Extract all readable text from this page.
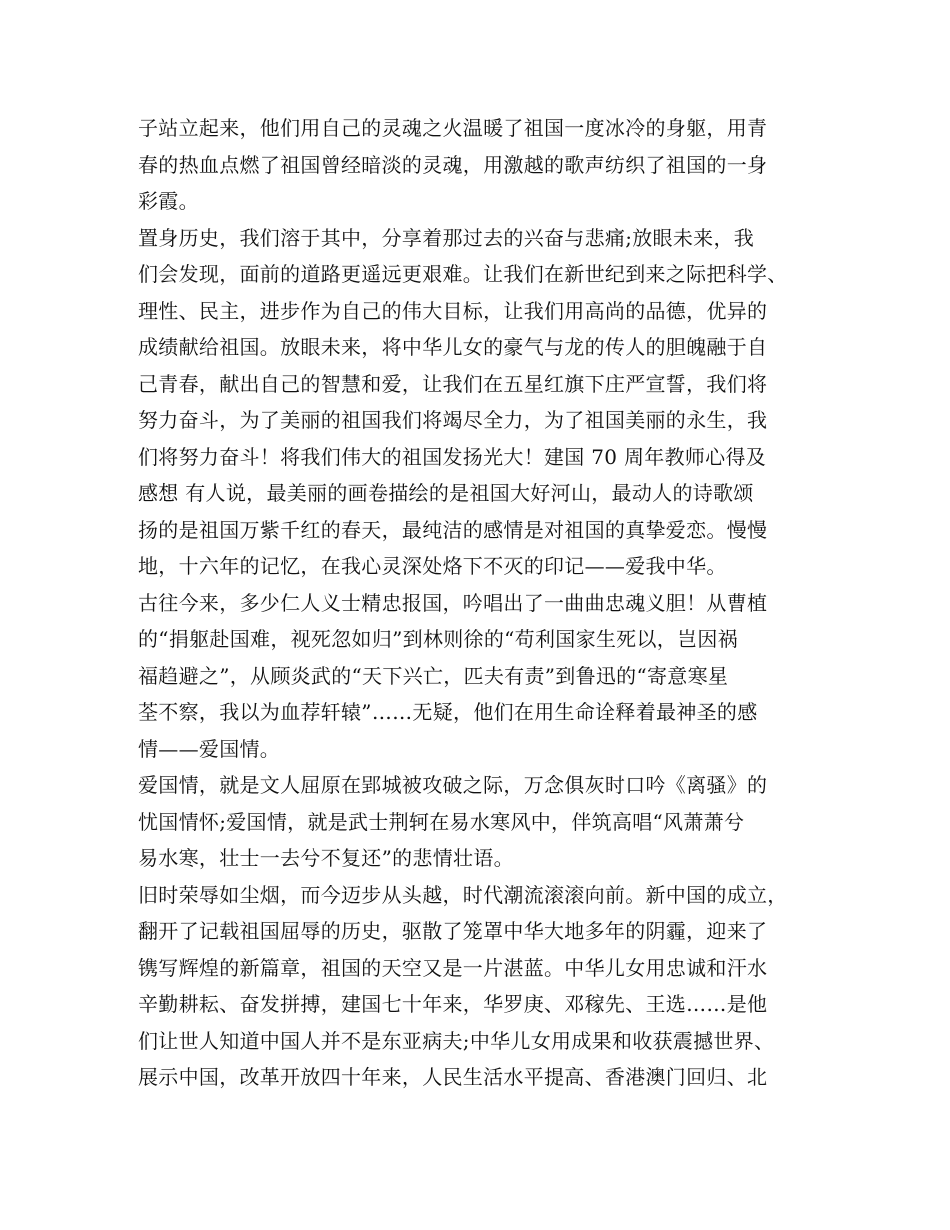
子站立起来，他们用自己的灵魂之火温暖了祖国一度冰冷的身躯，用青
春的热血点燃了祖国曾经暗淡的灵魂，用激越的歌声纺织了祖国的一身
彩霞。
置身历史，我们溶于其中，分享着那过去的兴奋与悲痛;放眼未来，我
们会发现，面前的道路更遥远更艰难。让我们在新世纪到来之际把科学、
理性、民主，进步作为自己的伟大目标，让我们用高尚的品德，优异的
成绩献给祖国。放眼未来，将中华儿女的豪气与龙的传人的胆魄融于自
己青春，献出自己的智慧和爱，让我们在五星红旗下庄严宣誓，我们将
努力奋斗，为了美丽的祖国我们将竭尽全力，为了祖国美丽的永生，我
们将努力奋斗！将我们伟大的祖国发扬光大！建国 70 周年教师心得及
感想 有人说，最美丽的画卷描绘的是祖国大好河山，最动人的诗歌颂
扬的是祖国万紫千红的春天，最纯洁的感情是对祖国的真挚爱恋。慢慢
地，十六年的记忆，在我心灵深处烙下不灭的印记——爱我中华。
古往今来，多少仁人义士精忠报国，吟唱出了一曲曲忠魂义胆！从曹植
的“捐躯赴国难，视死忽如归”到林则徐的“苟利国家生死以，岂因祸
福趋避之”，从顾炎武的“天下兴亡，匹夫有责”到鲁迅的“寄意寒星
荃不察，我以为血荐轩辕”……无疑，他们在用生命诠释着最神圣的感
情——爱国情。
爱国情，就是文人屈原在郢城被攻破之际，万念俱灰时口吟《离骚》的
忧国情怀;爱国情，就是武士荆轲在易水寒风中，伴筑高唱“风萧萧兮
易水寒，壮士一去兮不复还”的悲情壮语。
旧时荣辱如尘烟，而今迈步从头越，时代潮流滚滚向前。新中国的成立，
翻开了记载祖国屈辱的历史，驱散了笼罩中华大地多年的阴霾，迎来了
镌写辉煌的新篇章，祖国的天空又是一片湛蓝。中华儿女用忠诚和汗水
辛勤耕耘、奋发拼搏，建国七十年来，华罗庚、邓稼先、王选……是他
们让世人知道中国人并不是东亚病夫;中华儿女用成果和收获震撼世界、
展示中国，改革开放四十年来，人民生活水平提高、香港澳门回归、北
